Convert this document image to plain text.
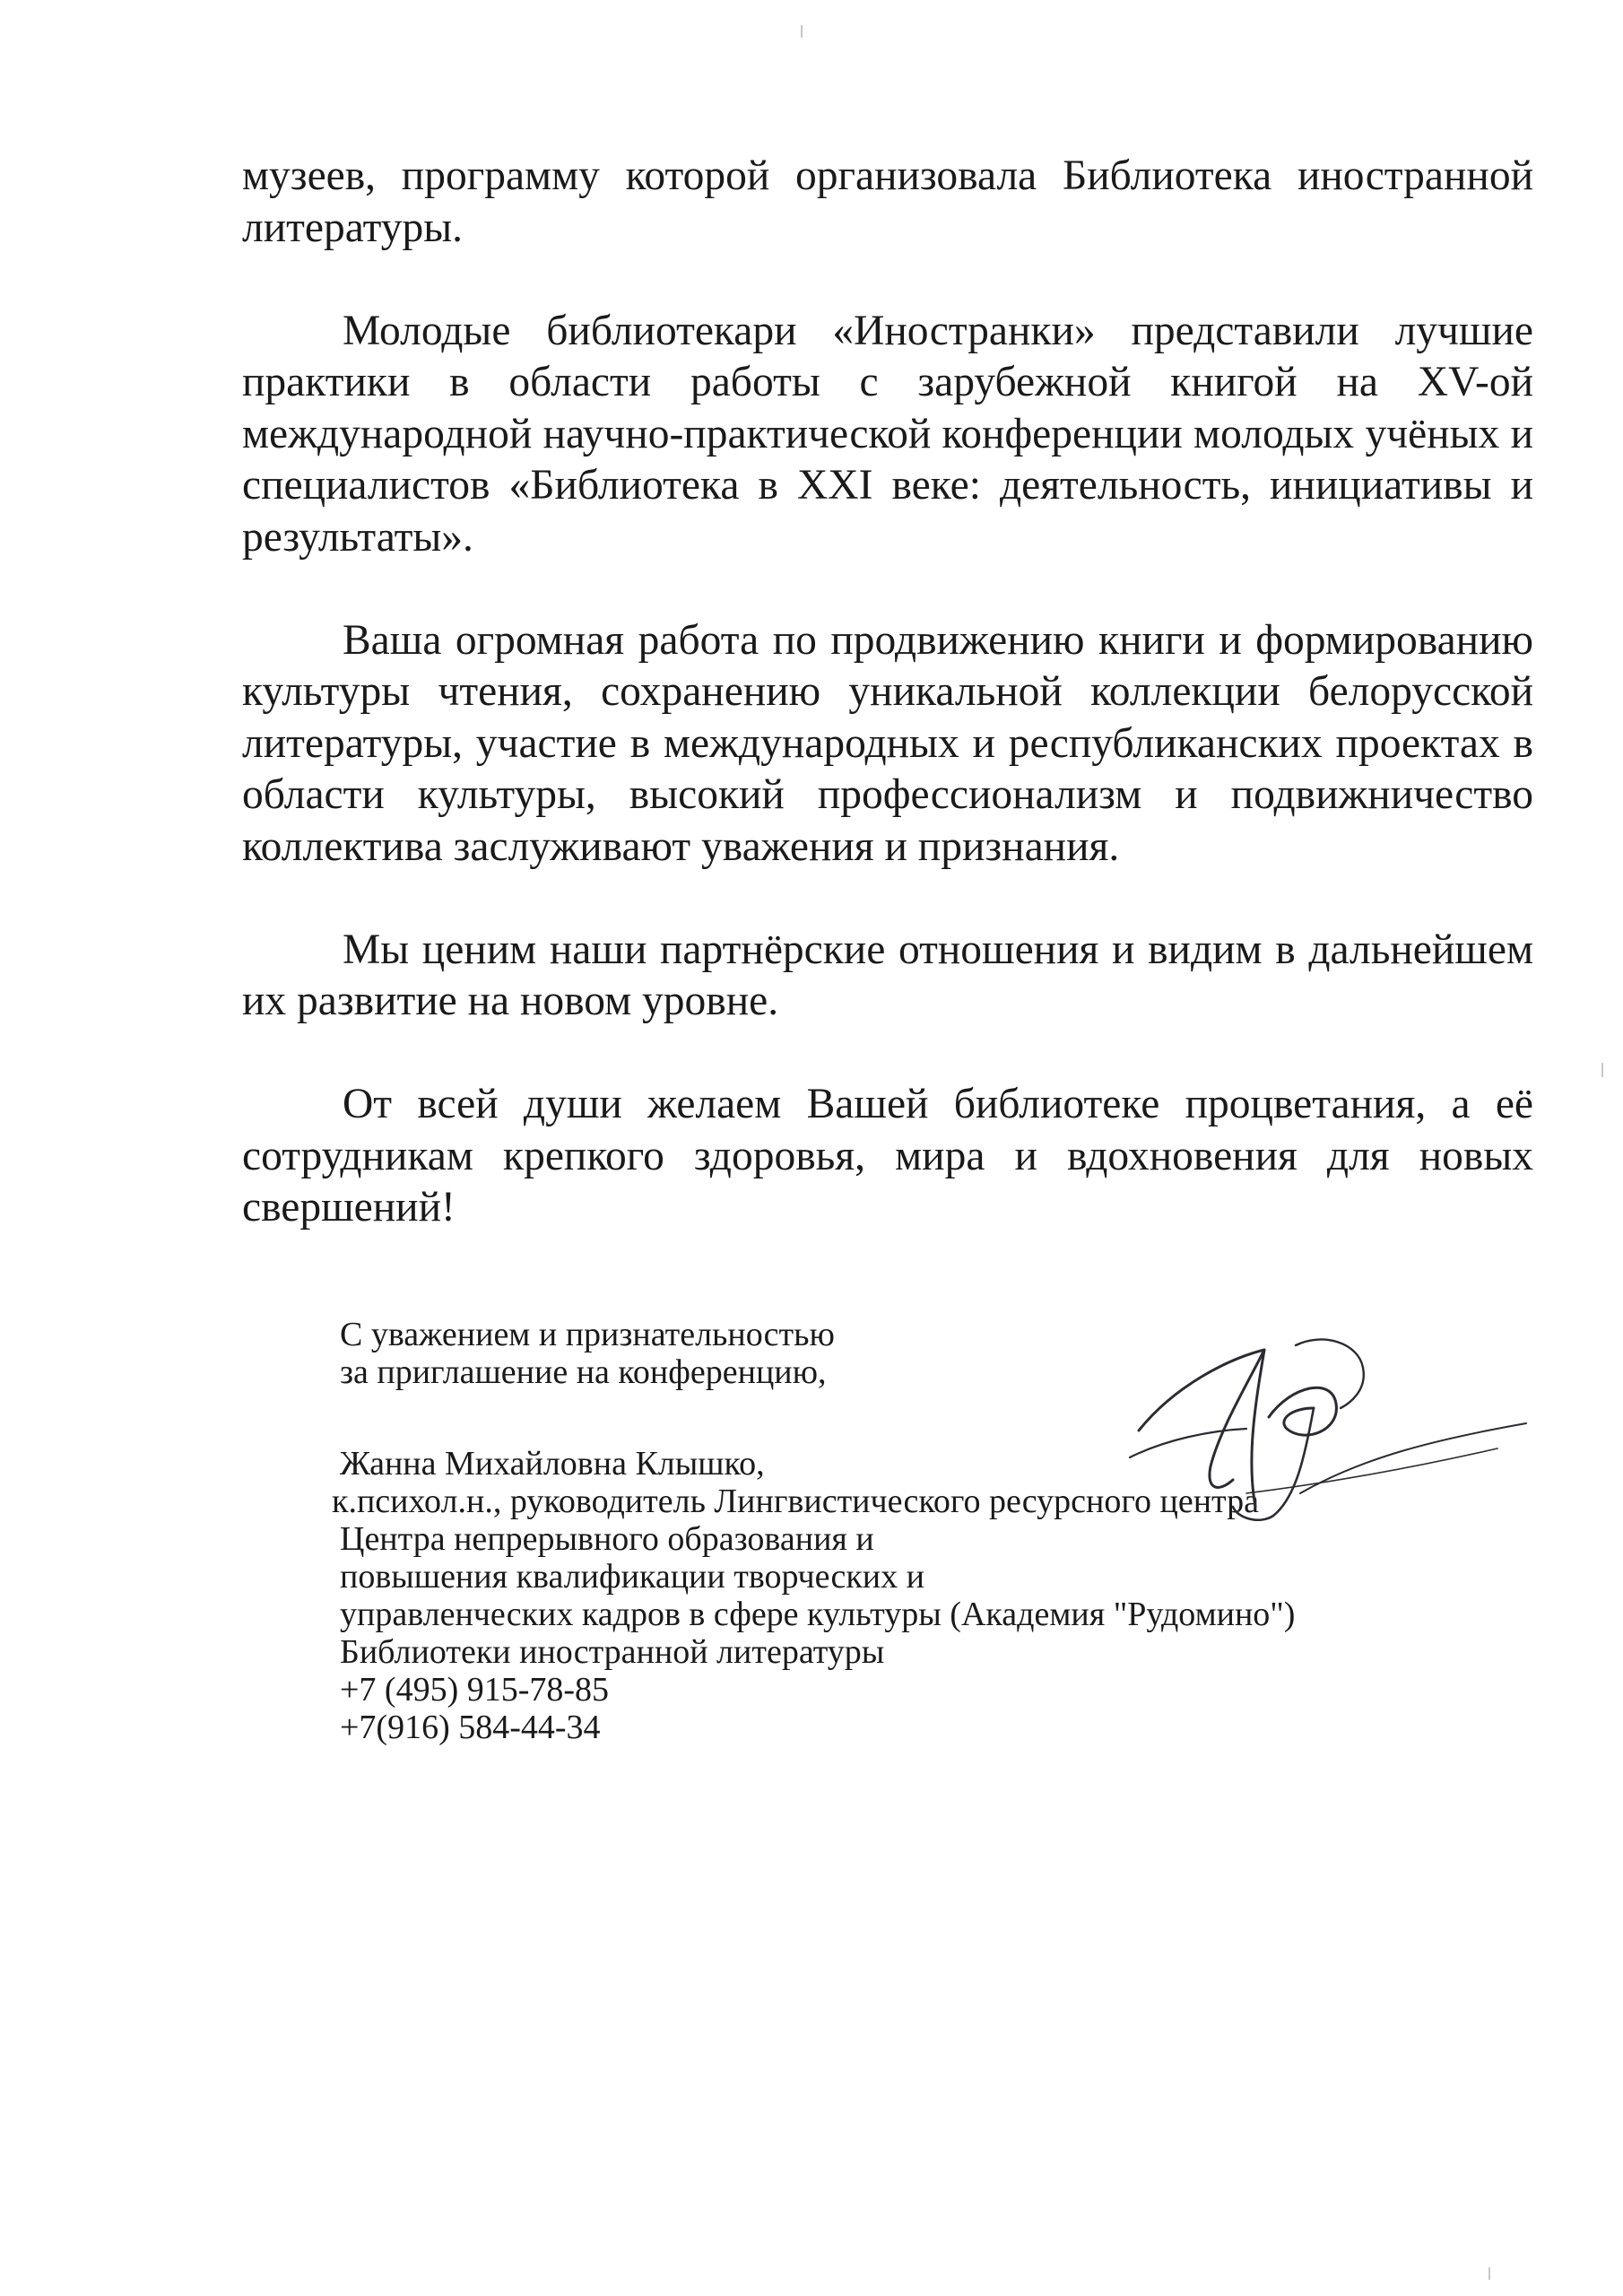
музеев, программу которой организовала Библиотека иностранной литературы.

Молодые библиотекари «Иностранки» представили лучшие практики в области работы с зарубежной книгой на XV-ой международной научно-практической конференции молодых учёных и специалистов «Библиотека в XXI веке: деятельность, инициативы и результаты».

Ваша огромная работа по продвижению книги и формированию культуры чтения, сохранению уникальной коллекции белорусской литературы, участие в международных и республиканских проектах в области культуры, высокий профессионализм и подвижничество коллектива заслуживают уважения и признания.

Мы ценим наши партнёрские отношения и видим в дальнейшем их развитие на новом уровне.

От всей души желаем Вашей библиотеке процветания, а её сотрудникам крепкого здоровья, мира и вдохновения для новых свершений!

С уважением и признательностью
за приглашение на конференцию,
Жанна Михайловна Клышко,
к.психол.н., руководитель Лингвистического ресурсного центра
Центра непрерывного образования и
повышения квалификации творческих и
управленческих кадров в сфере культуры (Академия "Рудомино")
Библиотеки иностранной литературы
+7 (495) 915-78-85
+7(916) 584-44-34
